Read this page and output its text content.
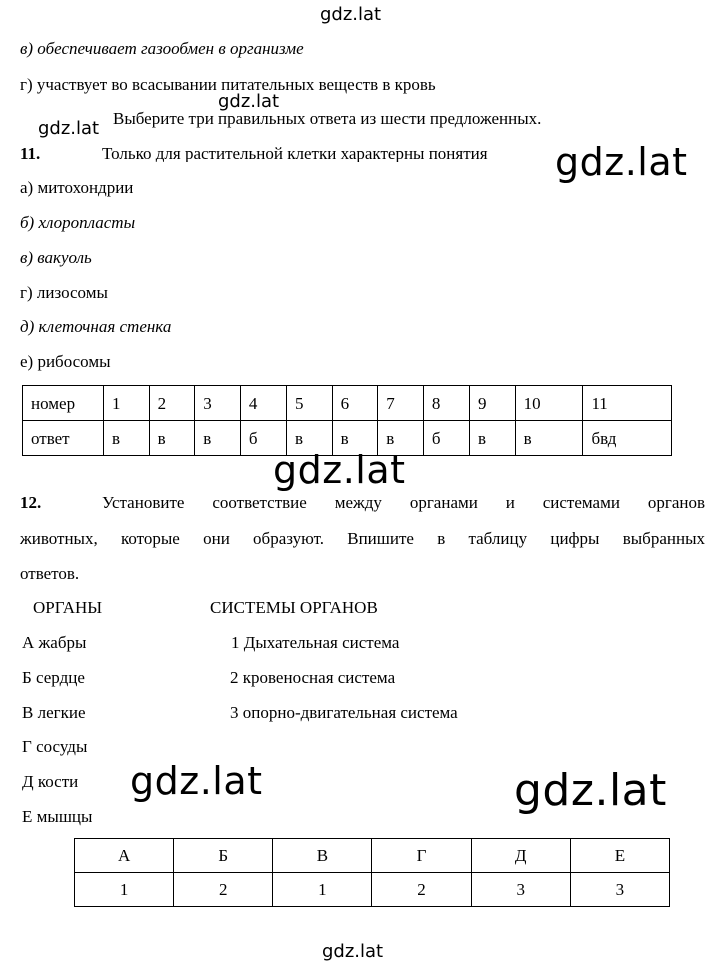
gdz.lat
gdz.lat
gdz.lat
gdz.lat
gdz.lat
gdz.lat	gdz.lat
gdz.lat
в) обеспечивает газообмен в организме
г) участвует во всасывании питательных веществ в кровь
Выберите три правильных ответа из шести предложенных.
11.	Только для растительной клетки характерны понятия
а) митохондрии
б) хлоропласты
в) вакуоль
г) лизосомы
д) клеточная стенка
е) рибосомы
номер	1	2	3	4	5	6	7	8	9	10	11
ответ	в	в	в	б	в	в	в	б	в	в	бвд
12.	Установите соответствие между органами и системами органов
животных, которые они образуют. Впишите в таблицу цифры выбранных
ответов.
ОРГАНЫ	СИСТЕМЫ ОРГАНОВ
А жабры
Б сердце
В легкие
Г сосуды
Д кости
Е мышцы
1 Дыхательная система
2 кровеносная система
3 опорно-двигательная система
А	Б	В	Г	Д	Е
1	2	1	2	3	3
